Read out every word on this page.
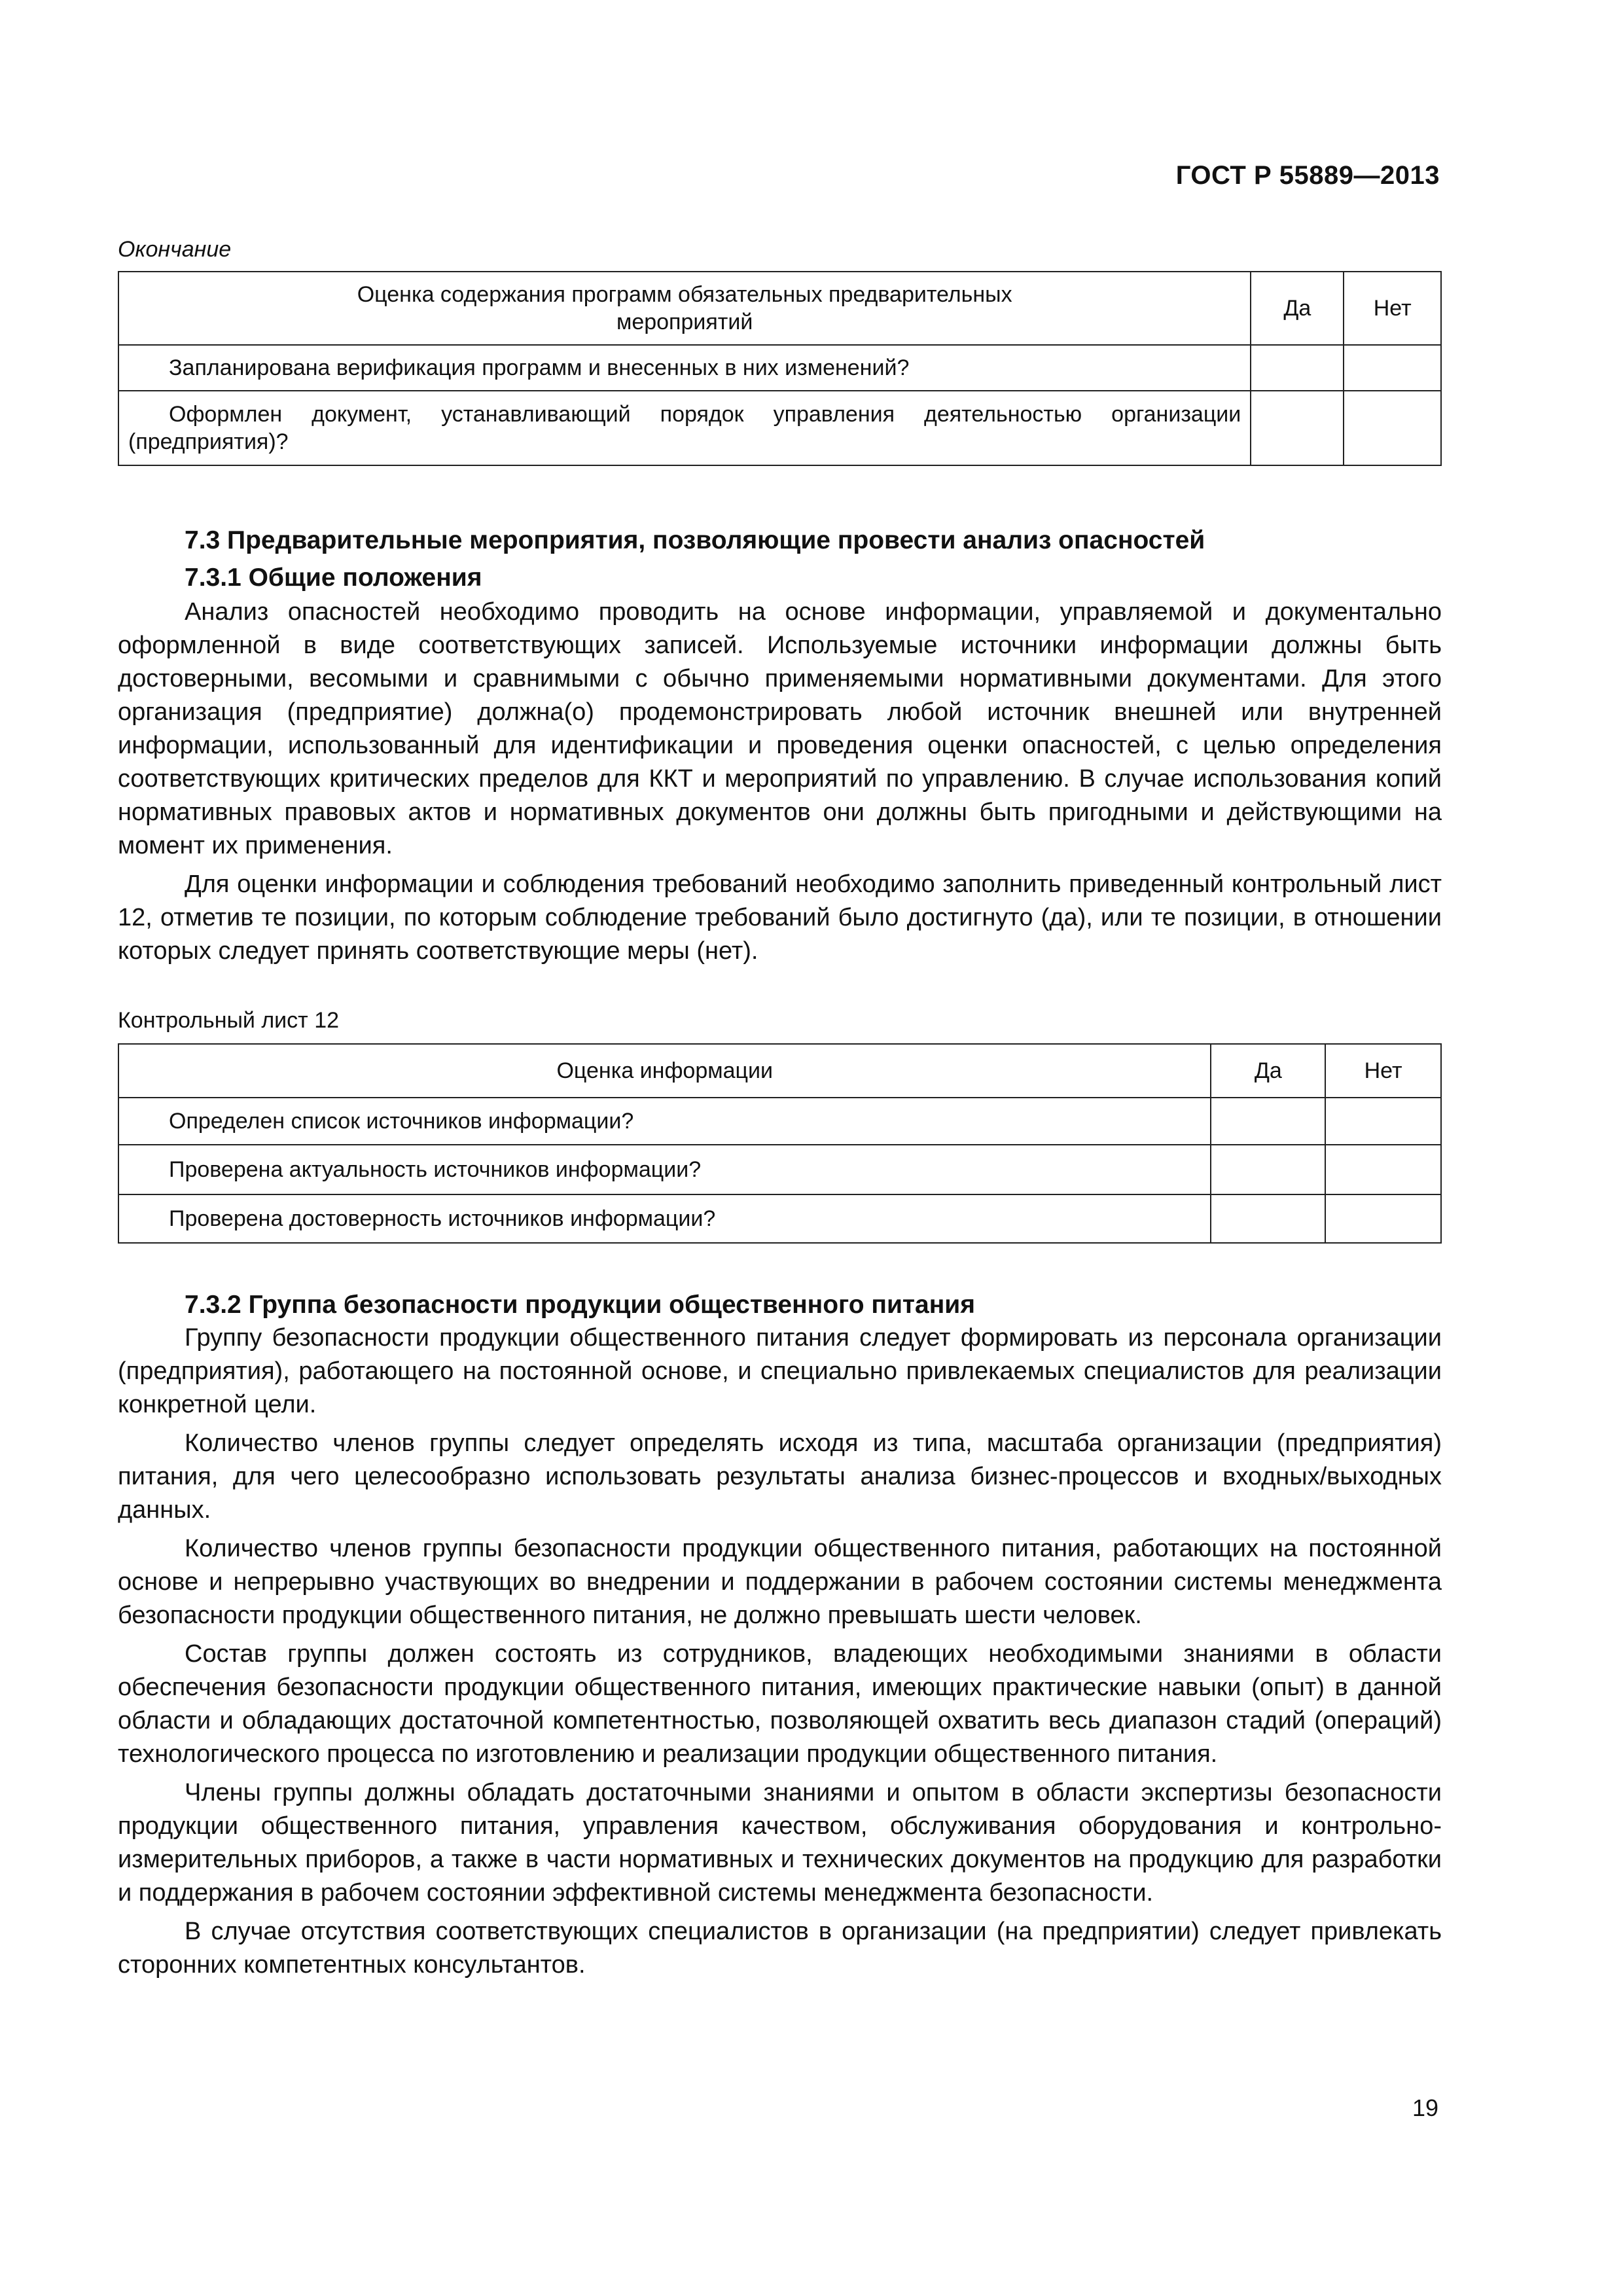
ГОСТ Р 55889—2013
Окончание
Оценка содержания программ обязательных предварительных мероприятий	Да	Нет
Запланирована верификация программ и внесенных в них изменений?		
Оформлен документ, устанавливающий порядок управления деятельностью организации (предприятия)?		

7.3 Предварительные мероприятия, позволяющие провести анализ опасностей

7.3.1 Общие положения

Анализ опасностей необходимо проводить на основе информации, управляемой и документально оформленной в виде соответствующих записей. Используемые источники информации должны быть достоверными, весомыми и сравнимыми с обычно применяемыми нормативными документами. Для этого организация (предприятие) должна(о) продемонстрировать любой источник внешней или внутренней информации, использованный для идентификации и проведения оценки опасностей, с целью определения соответствующих критических пределов для ККТ и мероприятий по управлению. В случае использования копий нормативных правовых актов и нормативных документов они должны быть пригодными и действующими на момент их применения.

Для оценки информации и соблюдения требований необходимо заполнить приведенный контрольный лист 12, отметив те позиции, по которым соблюдение требований было достигнуто (да), или те позиции, в отношении которых следует принять соответствующие меры (нет).

Контрольный лист 12
Оценка информации	Да	Нет
Определен список источников информации?		
Проверена актуальность источников информации?		
Проверена достоверность источников информации?		

7.3.2 Группа безопасности продукции общественного питания

Группу безопасности продукции общественного питания следует формировать из персонала организации (предприятия), работающего на постоянной основе, и специально привлекаемых специалистов для реализации конкретной цели.

Количество членов группы следует определять исходя из типа, масштаба организации (предприятия) питания, для чего целесообразно использовать результаты анализа бизнес-процессов и входных/выходных данных.

Количество членов группы безопасности продукции общественного питания, работающих на постоянной основе и непрерывно участвующих во внедрении и поддержании в рабочем состоянии системы менеджмента безопасности продукции общественного питания, не должно превышать шести человек.

Состав группы должен состоять из сотрудников, владеющих необходимыми знаниями в области обеспечения безопасности продукции общественного питания, имеющих практические навыки (опыт) в данной области и обладающих достаточной компетентностью, позволяющей охватить весь диапазон стадий (операций) технологического процесса по изготовлению и реализации продукции общественного питания.

Члены группы должны обладать достаточными знаниями и опытом в области экспертизы безопасности продукции общественного питания, управления качеством, обслуживания оборудования и контрольно-измерительных приборов, а также в части нормативных и технических документов на продукцию для разработки и поддержания в рабочем состоянии эффективной системы менеджмента безопасности.

В случае отсутствия соответствующих специалистов в организации (на предприятии) следует привлекать сторонних компетентных консультантов.

19
